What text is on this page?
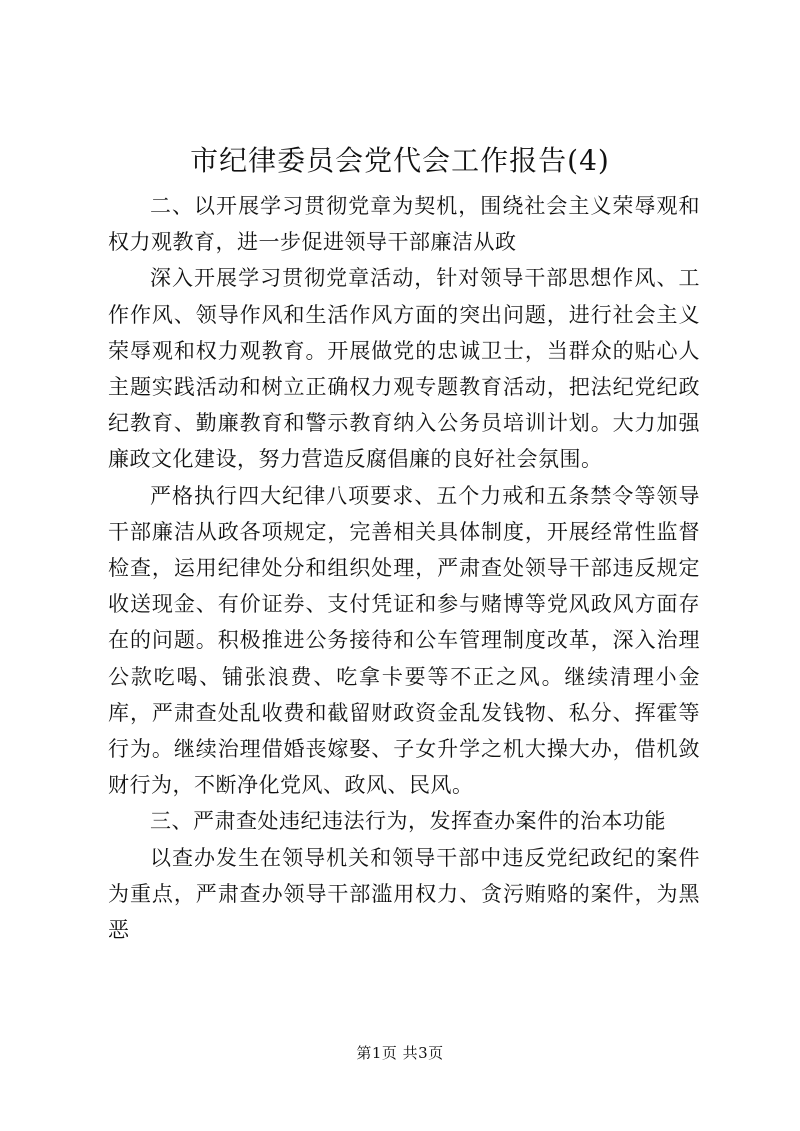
市纪律委员会党代会工作报告(4)

二、以开展学习贯彻党章为契机，围绕社会主义荣辱观和权力观教育，进一步促进领导干部廉洁从政

深入开展学习贯彻党章活动，针对领导干部思想作风、工作作风、领导作风和生活作风方面的突出问题，进行社会主义荣辱观和权力观教育。开展做党的忠诚卫士，当群众的贴心人主题实践活动和树立正确权力观专题教育活动，把法纪党纪政纪教育、勤廉教育和警示教育纳入公务员培训计划。大力加强廉政文化建设，努力营造反腐倡廉的良好社会氛围。

严格执行四大纪律八项要求、五个力戒和五条禁令等领导干部廉洁从政各项规定，完善相关具体制度，开展经常性监督检查，运用纪律处分和组织处理，严肃查处领导干部违反规定收送现金、有价证券、支付凭证和参与赌博等党风政风方面存在的问题。积极推进公务接待和公车管理制度改革，深入治理公款吃喝、铺张浪费、吃拿卡要等不正之风。继续清理小金库，严肃查处乱收费和截留财政资金乱发钱物、私分、挥霍等行为。继续治理借婚丧嫁娶、子女升学之机大操大办，借机敛财行为，不断净化党风、政风、民风。

三、严肃查处违纪违法行为，发挥查办案件的治本功能

以查办发生在领导机关和领导干部中违反党纪政纪的案件为重点，严肃查办领导干部滥用权力、贪污贿赂的案件，为黑恶

第1页 共3页
